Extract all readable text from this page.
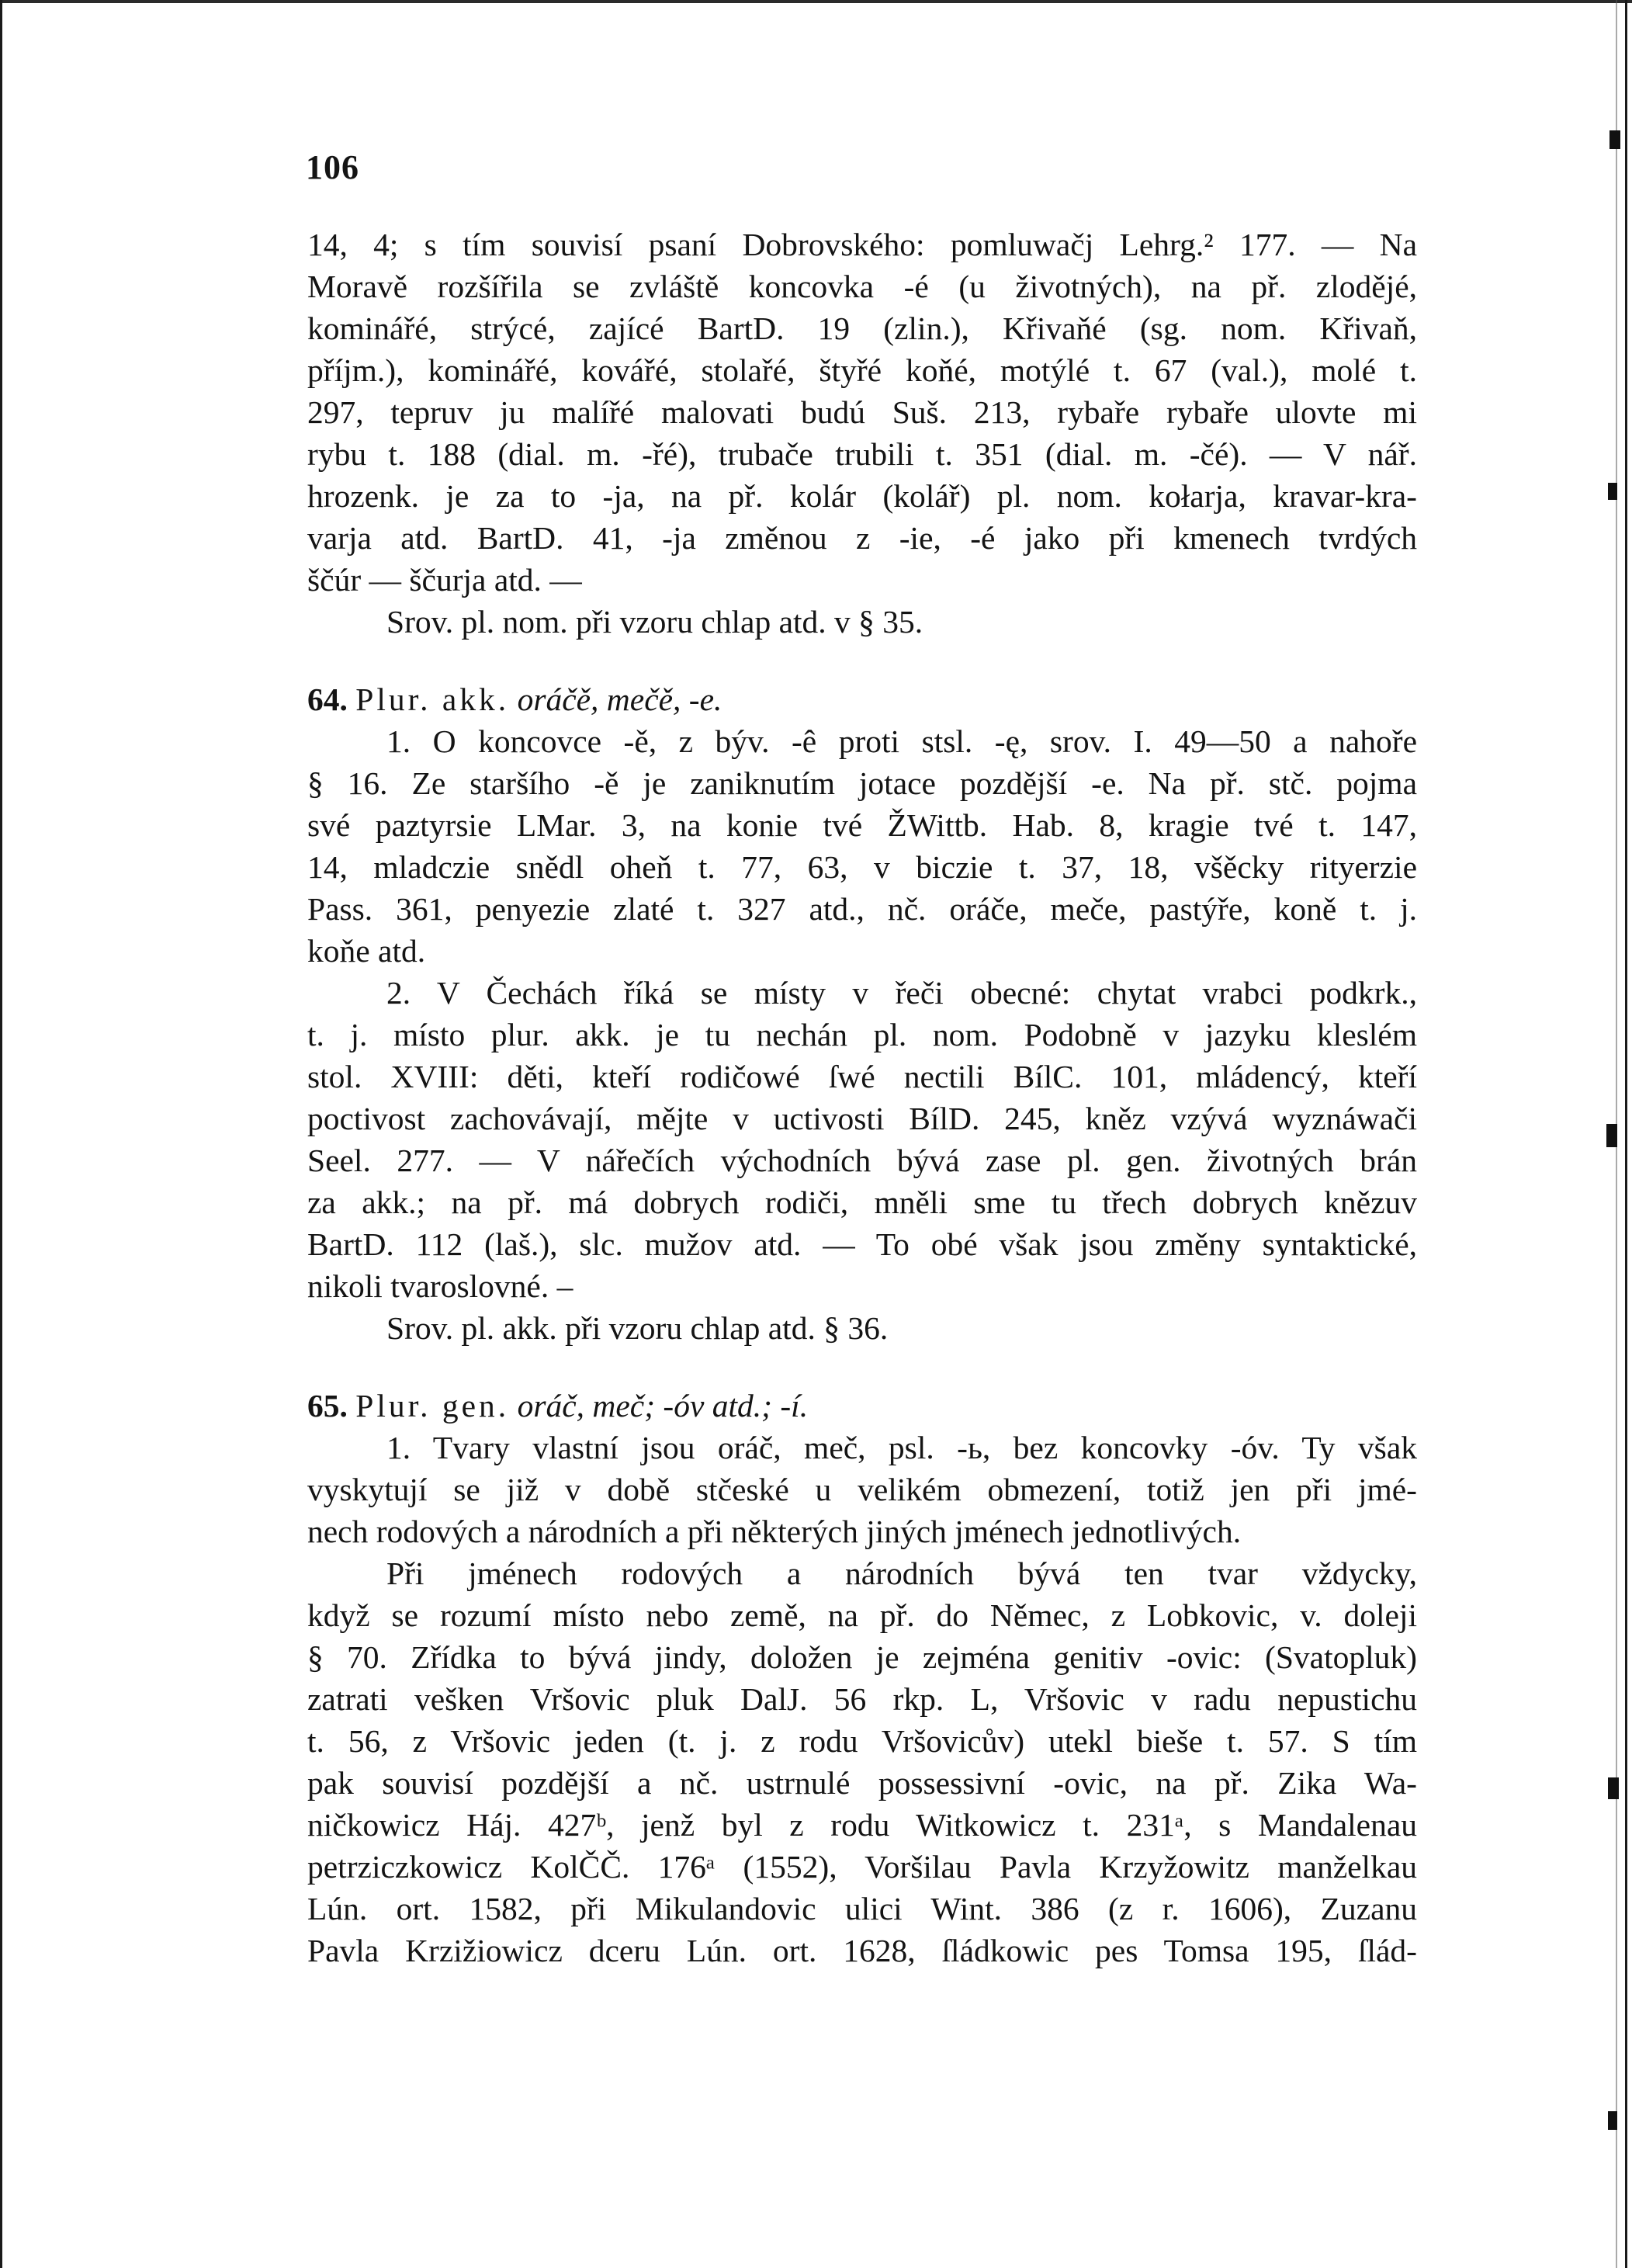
106
14, 4; s tím souvisí psaní Dobrovského: pomluwačj Lehrg.² 177. — Na
Moravě rozšířila se zvláště koncovka -é (u životných), na př. zlodějé,
kominářé, strýcé, zajícé BartD. 19 (zlin.), Křivaňé (sg. nom. Křivaň,
příjm.), kominářé, kovářé, stolařé, štyřé koňé, motýlé t. 67 (val.), molé t.
297, tepruv ju malířé malovati budú Suš. 213, rybaře rybaře ulovte mi
rybu t. 188 (dial. m. -řé), trubače trubili t. 351 (dial. m. -čé). — V nář.
hrozenk. je za to -ja, na př. kolár (kolář) pl. nom. kołarja, kravar-kra-
varja atd. BartD. 41, -ja změnou z -ie, -é jako při kmenech tvrdých
ščúr — ščurja atd. —
Srov. pl. nom. při vzoru chlap atd. v § 35.
64. Plur. akk. oráčě, mečě, -e.
1. O koncovce -ě, z býv. -ê proti stsl. -ę, srov. I. 49—50 a nahoře
§ 16. Ze staršího -ě je zaniknutím jotace pozdější -e. Na př. stč. pojma
své paztyrsie LMar. 3, na konie tvé ŽWittb. Hab. 8, kragie tvé t. 147,
14, mladczie snědl oheň t. 77, 63, v biczie t. 37, 18, všěcky rityerzie
Pass. 361, penyezie zlaté t. 327 atd., nč. oráče, meče, pastýře, koně t. j.
koňe atd.
2. V Čechách říká se místy v řeči obecné: chytat vrabci podkrk.,
t. j. místo plur. akk. je tu nechán pl. nom. Podobně v jazyku kleslém
stol. XVIII: děti, kteří rodičowé ſwé nectili BílC. 101, mládencý, kteří
poctivost zachovávají, mějte v uctivosti BílD. 245, kněz vzývá wyznáwači
Seel. 277. — V nářečích východních bývá zase pl. gen. životných brán
za akk.; na př. má dobrych rodiči, mněli sme tu třech dobrych knězuv
BartD. 112 (laš.), slc. mužov atd. — To obé však jsou změny syntaktické,
nikoli tvaroslovné. –
Srov. pl. akk. při vzoru chlap atd. § 36.
65. Plur. gen. oráč, meč; -óv atd.; -í.
1. Tvary vlastní jsou oráč, meč, psl. -ь, bez koncovky -óv. Ty však
vyskytují se již v době stčeské u velikém obmezení, totiž jen při jmé-
nech rodových a národních a při některých jiných jménech jednotlivých.
Při jménech rodových a národních bývá ten tvar vždycky,
když se rozumí místo nebo země, na př. do Němec, z Lobkovic, v. doleji
§ 70. Zřídka to bývá jindy, doložen je zejména genitiv -ovic: (Svatopluk)
zatrati vešken Vršovic pluk DalJ. 56 rkp. L, Vršovic v radu nepustichu
t. 56, z Vršovic jeden (t. j. z rodu Vršovicův) utekl bieše t. 57. S tím
pak souvisí pozdější a nč. ustrnulé possessivní -ovic, na př. Zika Wa-
ničkowicz Háj. 427ᵇ, jenž byl z rodu Witkowicz t. 231ᵃ, s Mandalenau
petrziczkowicz KolČČ. 176ᵃ (1552), Voršilau Pavla Krzyžowitz manželkau
Lún. ort. 1582, při Mikulandovic ulici Wint. 386 (z r. 1606), Zuzanu
Pavla Krzižiowicz dceru Lún. ort. 1628, ſládkowic pes Tomsa 195, ſlád-
